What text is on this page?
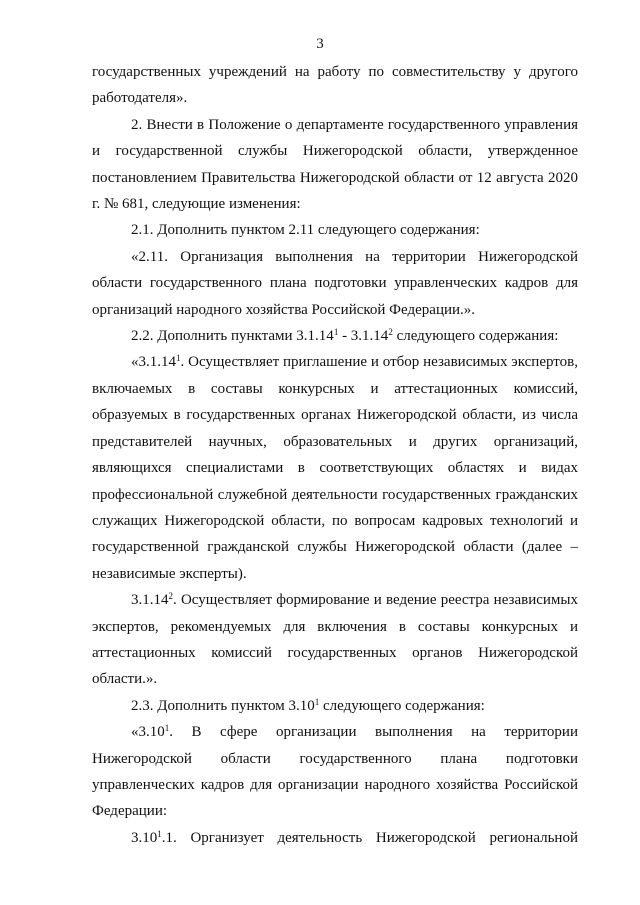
3

государственных учреждений на работу по совместительству у другого работодателя».

2. Внести в Положение о департаменте государственного управления и государственной службы Нижегородской области, утвержденное постановлением Правительства Нижегородской области от 12 августа 2020 г. № 681, следующие изменения:

2.1. Дополнить пунктом 2.11 следующего содержания:

«2.11. Организация выполнения на территории Нижегородской области государственного плана подготовки управленческих кадров для организаций народного хозяйства Российской Федерации.».

2.2. Дополнить пунктами 3.1.14$^1$ - 3.1.14$^2$ следующего содержания:

«3.1.14$^1$. Осуществляет приглашение и отбор независимых экспертов, включаемых в составы конкурсных и аттестационных комиссий, образуемых в государственных органах Нижегородской области, из числа представителей научных, образовательных и других организаций, являющихся специалистами в соответствующих областях и видах профессиональной служебной деятельности государственных гражданских служащих Нижегородской области, по вопросам кадровых технологий и государственной гражданской службы Нижегородской области (далее – независимые эксперты).

3.1.14$^2$. Осуществляет формирование и ведение реестра независимых экспертов, рекомендуемых для включения в составы конкурсных и аттестационных комиссий государственных органов Нижегородской области.».

2.3. Дополнить пунктом 3.10$^1$ следующего содержания:

«3.10$^1$. В сфере организации выполнения на территории Нижегородской области государственного плана подготовки управленческих кадров для организации народного хозяйства Российской Федерации:

3.10$^1$.1. Организует деятельность Нижегородской региональной
